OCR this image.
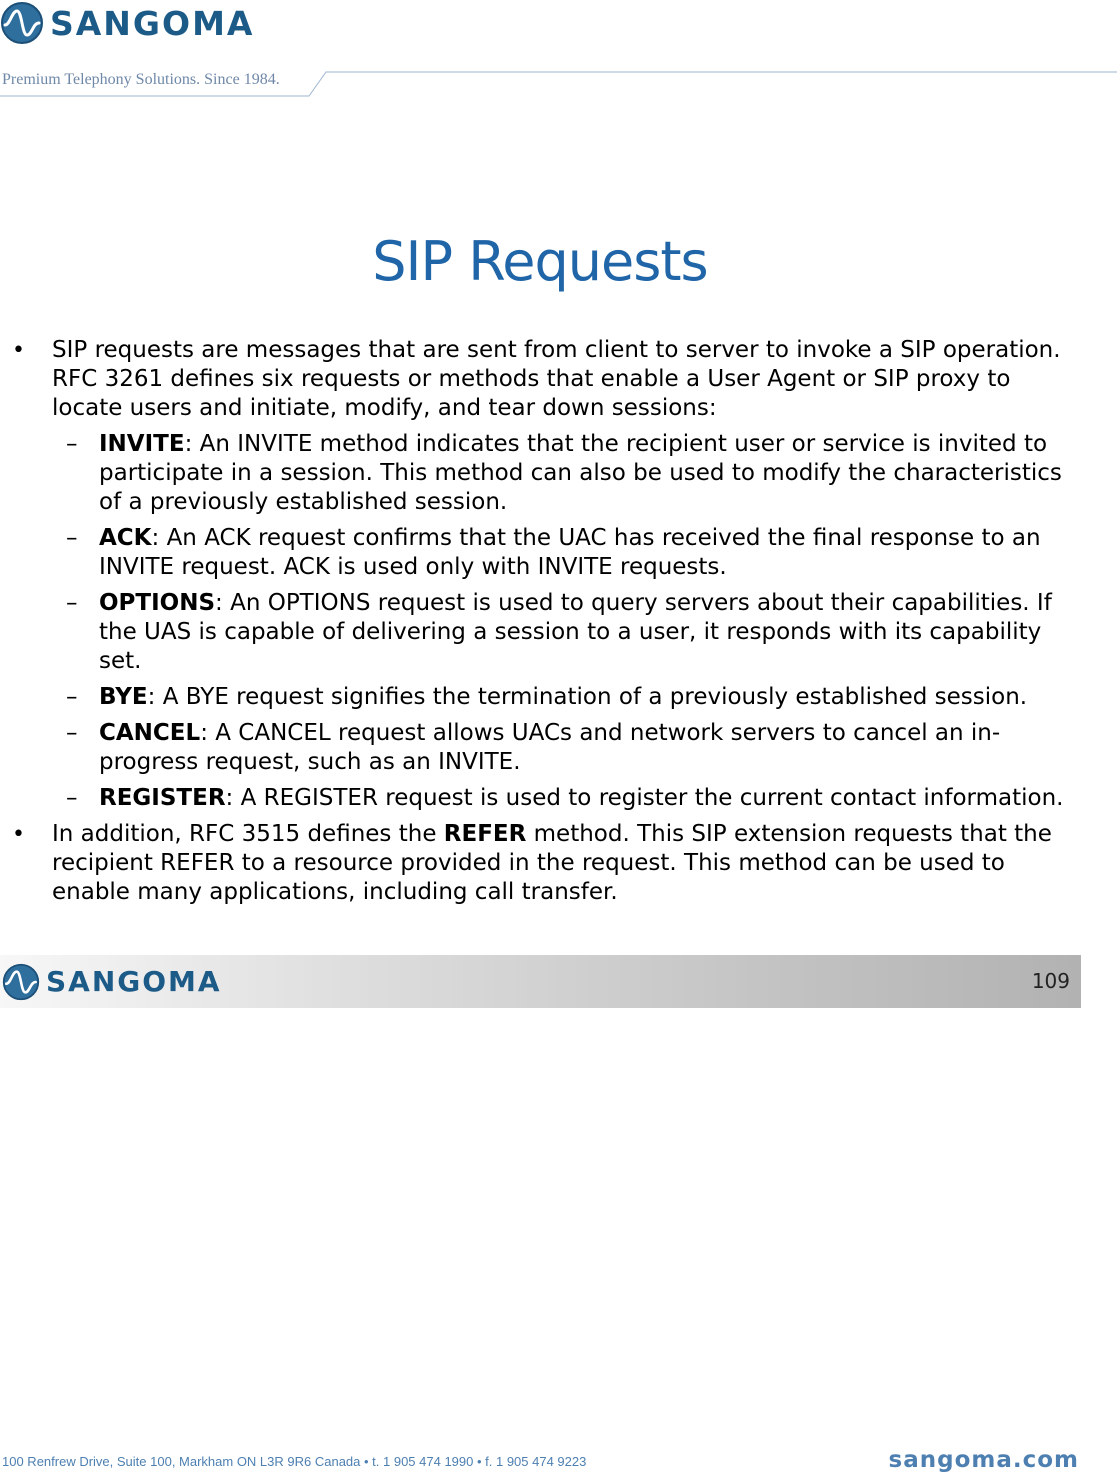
SANGOMA
Premium Telephony Solutions. Since 1984.
SIP Requests
• SIP requests are messages that are sent from client to server to invoke a SIP operation. RFC 3261 defines six requests or methods that enable a User Agent or SIP proxy to locate users and initiate, modify, and tear down sessions:
– INVITE: An INVITE method indicates that the recipient user or service is invited to participate in a session. This method can also be used to modify the characteristics of a previously established session.
– ACK: An ACK request confirms that the UAC has received the final response to an INVITE request. ACK is used only with INVITE requests.
– OPTIONS: An OPTIONS request is used to query servers about their capabilities. If the UAS is capable of delivering a session to a user, it responds with its capability set.
– BYE: A BYE request signifies the termination of a previously established session.
– CANCEL: A CANCEL request allows UACs and network servers to cancel an in-progress request, such as an INVITE.
– REGISTER: A REGISTER request is used to register the current contact information.
• In addition, RFC 3515 defines the REFER method. This SIP extension requests that the recipient REFER to a resource provided in the request. This method can be used to enable many applications, including call transfer.
SANGOMA	109
100 Renfrew Drive, Suite 100, Markham ON L3R 9R6 Canada • t. 1 905 474 1990 • f. 1 905 474 9223	sangoma.com
